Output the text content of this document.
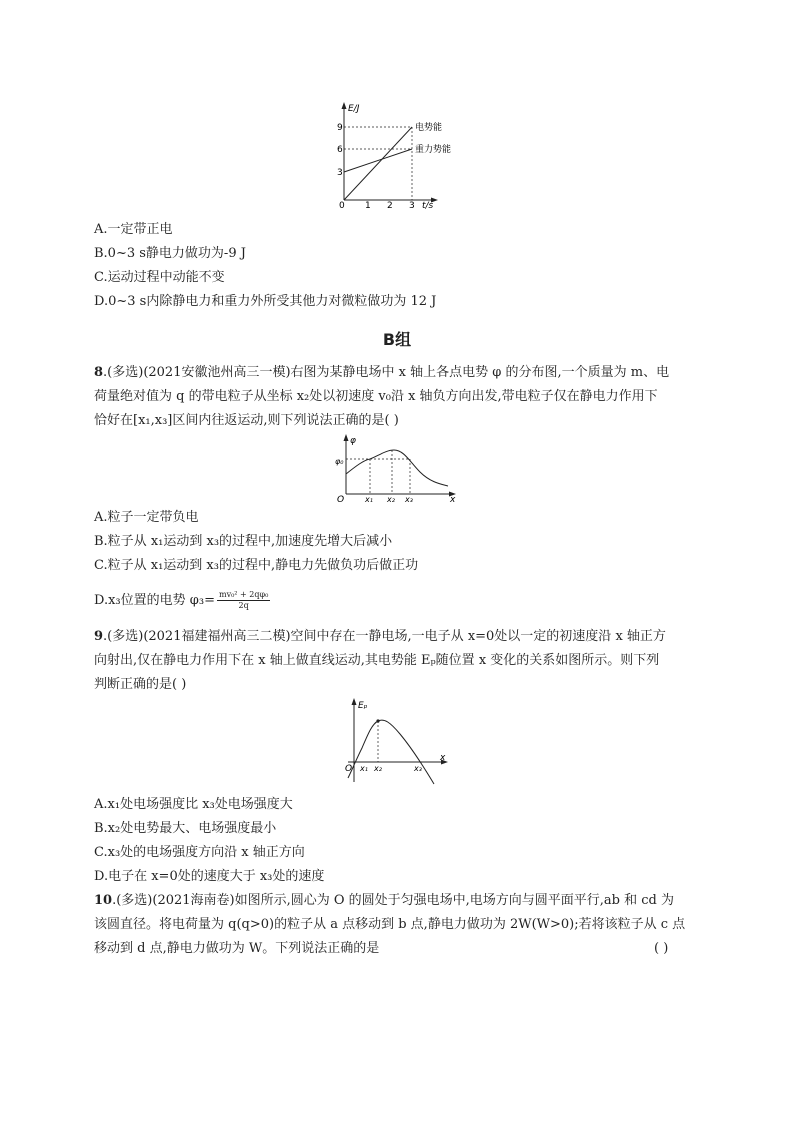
E/J
t/s
0
3
6
9
1 2 3
电势能
重力势能
A.一定带正电
B.0~3 s静电力做功为-9 J
C.运动过程中动能不变
D.0~3 s内除静电力和重力外所受其他力对微粒做功为 12 J
B组
8.(多选)(2021安徽池州高三一模)右图为某静电场中 x 轴上各点电势 φ 的分布图,一个质量为 m、电
荷量绝对值为 q 的带电粒子从坐标 x₂处以初速度 v₀沿 x 轴负方向出发,带电粒子仅在静电力作用下
恰好在[x₁,x₃]区间内往返运动,则下列说法正确的是( )
φ
x
O
φ₀
x₁ x₂ x₃
A.粒子一定带负电
B.粒子从 x₁运动到 x₃的过程中,加速度先增大后减小
C.粒子从 x₁运动到 x₃的过程中,静电力先做负功后做正功
D.x₃位置的电势 $\varphi_3= \frac{\text{mv₀² + 2qφ₀}}{2q}$
9.(多选)(2021福建福州高三二模)空间中存在一静电场,一电子从 x=0处以一定的初速度沿 x 轴正方
向射出,仅在静电力作用下在 x 轴上做直线运动,其电势能 Eₚ随位置 x 变化的关系如图所示。则下列
判断正确的是( )
Eₚ
x
O x₁ x₂	x₃
A.x₁处电场强度比 x₃处电场强度大
B.x₂处电势最大、电场强度最小
C.x₃处的电场强度方向沿 x 轴正方向
D.电子在 x=0处的速度大于 x₃处的速度
10.(多选)(2021海南卷)如图所示,圆心为 O 的圆处于匀强电场中,电场方向与圆平面平行,ab 和 cd 为
该圆直径。将电荷量为 q(q>0)的粒子从 a 点移动到 b 点,静电力做功为 2W(W>0);若将该粒子从 c 点
移动到 d 点,静电力做功为 W。下列说法正确的是	( )
